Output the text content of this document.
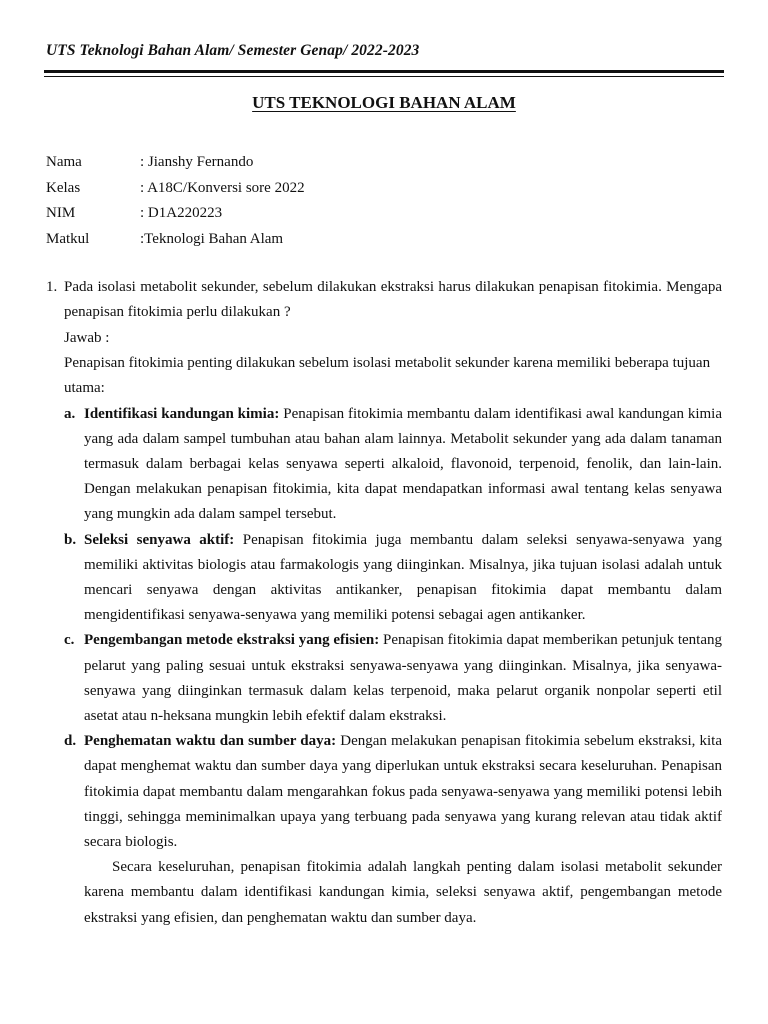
UTS Teknologi Bahan Alam/ Semester Genap/ 2022-2023
UTS TEKNOLOGI BAHAN ALAM
Nama	: Jianshy Fernando
Kelas	: A18C/Konversi sore 2022
NIM	: D1A220223
Matkul	:Teknologi Bahan Alam
1. Pada isolasi metabolit sekunder, sebelum dilakukan ekstraksi harus dilakukan penapisan fitokimia. Mengapa penapisan fitokimia perlu dilakukan ?
Jawab :

Penapisan fitokimia penting dilakukan sebelum isolasi metabolit sekunder karena memiliki beberapa tujuan utama:

a. Identifikasi kandungan kimia: Penapisan fitokimia membantu dalam identifikasi awal kandungan kimia yang ada dalam sampel tumbuhan atau bahan alam lainnya. Metabolit sekunder yang ada dalam tanaman termasuk dalam berbagai kelas senyawa seperti alkaloid, flavonoid, terpenoid, fenolik, dan lain-lain. Dengan melakukan penapisan fitokimia, kita dapat mendapatkan informasi awal tentang kelas senyawa yang mungkin ada dalam sampel tersebut.
b. Seleksi senyawa aktif: Penapisan fitokimia juga membantu dalam seleksi senyawa-senyawa yang memiliki aktivitas biologis atau farmakologis yang diinginkan. Misalnya, jika tujuan isolasi adalah untuk mencari senyawa dengan aktivitas antikanker, penapisan fitokimia dapat membantu dalam mengidentifikasi senyawa-senyawa yang memiliki potensi sebagai agen antikanker.
c. Pengembangan metode ekstraksi yang efisien: Penapisan fitokimia dapat memberikan petunjuk tentang pelarut yang paling sesuai untuk ekstraksi senyawa-senyawa yang diinginkan. Misalnya, jika senyawa-senyawa yang diinginkan termasuk dalam kelas terpenoid, maka pelarut organik nonpolar seperti etil asetat atau n-heksana mungkin lebih efektif dalam ekstraksi.
d. Penghematan waktu dan sumber daya: Dengan melakukan penapisan fitokimia sebelum ekstraksi, kita dapat menghemat waktu dan sumber daya yang diperlukan untuk ekstraksi secara keseluruhan. Penapisan fitokimia dapat membantu dalam mengarahkan fokus pada senyawa-senyawa yang memiliki potensi lebih tinggi, sehingga meminimalkan upaya yang terbuang pada senyawa yang kurang relevan atau tidak aktif secara biologis.

Secara keseluruhan, penapisan fitokimia adalah langkah penting dalam isolasi metabolit sekunder karena membantu dalam identifikasi kandungan kimia, seleksi senyawa aktif, pengembangan metode ekstraksi yang efisien, dan penghematan waktu dan sumber daya.
